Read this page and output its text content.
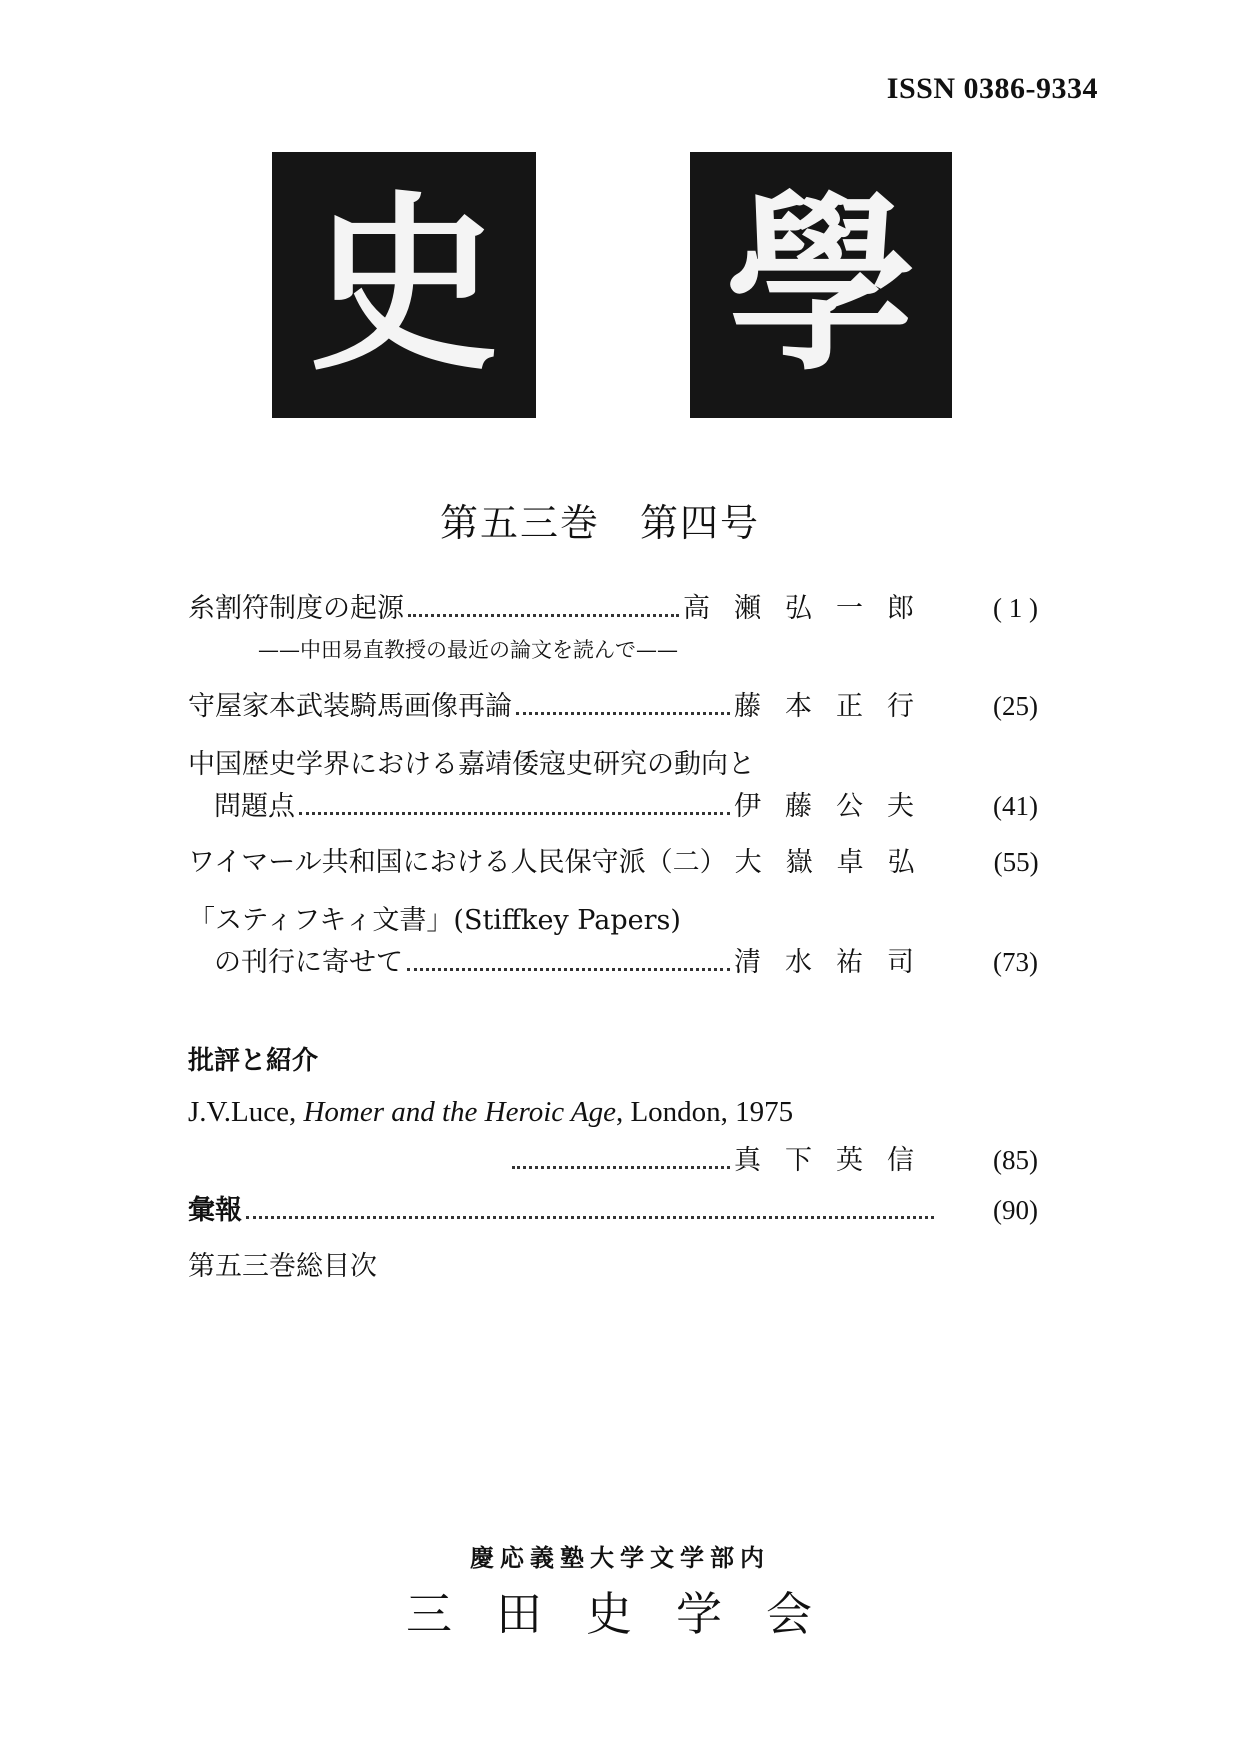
ISSN 0386-9334
史 學
第五三巻 第四号
糸割符制度の起源	高瀬弘一郎	( 1 )
——中田易直教授の最近の論文を読んで——
守屋家本武装騎馬画像再論	藤本正行	(25)
中国歴史学界における嘉靖倭寇史研究の動向と
問題点	伊藤公夫	(41)
ワイマール共和国における人民保守派（二） 大嶽卓弘	(55)
「スティフキィ文書」(Stiffkey Papers)
の刊行に寄せて	清水祐司	(73)
批評と紹介
J.V.Luce, Homer and the Heroic Age, London, 1975
真下英信	(85)
彙報	(90)
第五三巻総目次
慶応義塾大学文学部内
三田史学会
